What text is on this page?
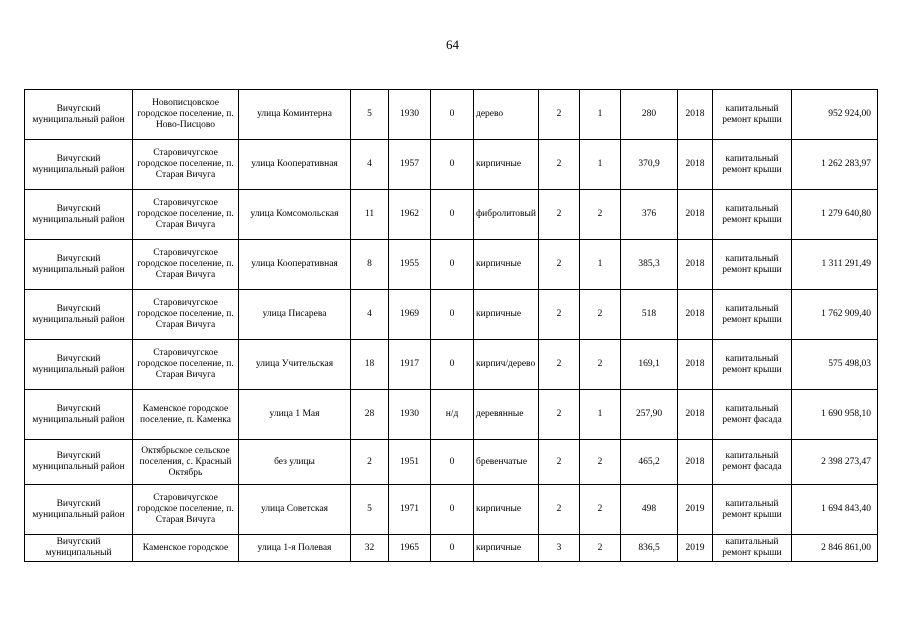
64
Вичугский муниципальный район	Новописцовское городское поселение, п. Ново-Писцово	улица Коминтерна	5	1930	0	дерево	2	1	280	2018	капитальный ремонт крыши	952 924,00
Вичугский муниципальный район	Старовичугское городское поселение, п. Старая Вичуга	улица Кооперативная	4	1957	0	кирпичные	2	1	370,9	2018	капитальный ремонт крыши	1 262 283,97
Вичугский муниципальный район	Старовичугское городское поселение, п. Старая Вичуга	улица Комсомольская	11	1962	0	фибролитовый	2	2	376	2018	капитальный ремонт крыши	1 279 640,80
Вичугский муниципальный район	Старовичугское городское поселение, п. Старая Вичуга	улица Кооперативная	8	1955	0	кирпичные	2	1	385,3	2018	капитальный ремонт крыши	1 311 291,49
Вичугский муниципальный район	Старовичугское городское поселение, п. Старая Вичуга	улица Писарева	4	1969	0	кирпичные	2	2	518	2018	капитальный ремонт крыши	1 762 909,40
Вичугский муниципальный район	Старовичугское городское поселение, п. Старая Вичуга	улица Учительская	18	1917	0	кирпич/дерево	2	2	169,1	2018	капитальный ремонт крыши	575 498,03
Вичугский муниципальный район	Каменское городское поселение, п. Каменка	улица 1 Мая	28	1930	н/д	деревянные	2	1	257,90	2018	капитальный ремонт фасада	1 690 958,10
Вичугский муниципальный район	Октябрьское сельское поселения, с. Красный Октябрь	без улицы	2	1951	0	бревенчатые	2	2	465,2	2018	капитальный ремонт фасада	2 398 273,47
Вичугский муниципальный район	Старовичугское городское поселение, п. Старая Вичуга	улица Советская	5	1971	0	кирпичные	2	2	498	2019	капитальный ремонт крыши	1 694 843,40
Вичугский муниципальный	Каменское городское	улица 1-я Полевая	32	1965	0	кирпичные	3	2	836,5	2019	капитальный ремонт крыши	2 846 861,00
